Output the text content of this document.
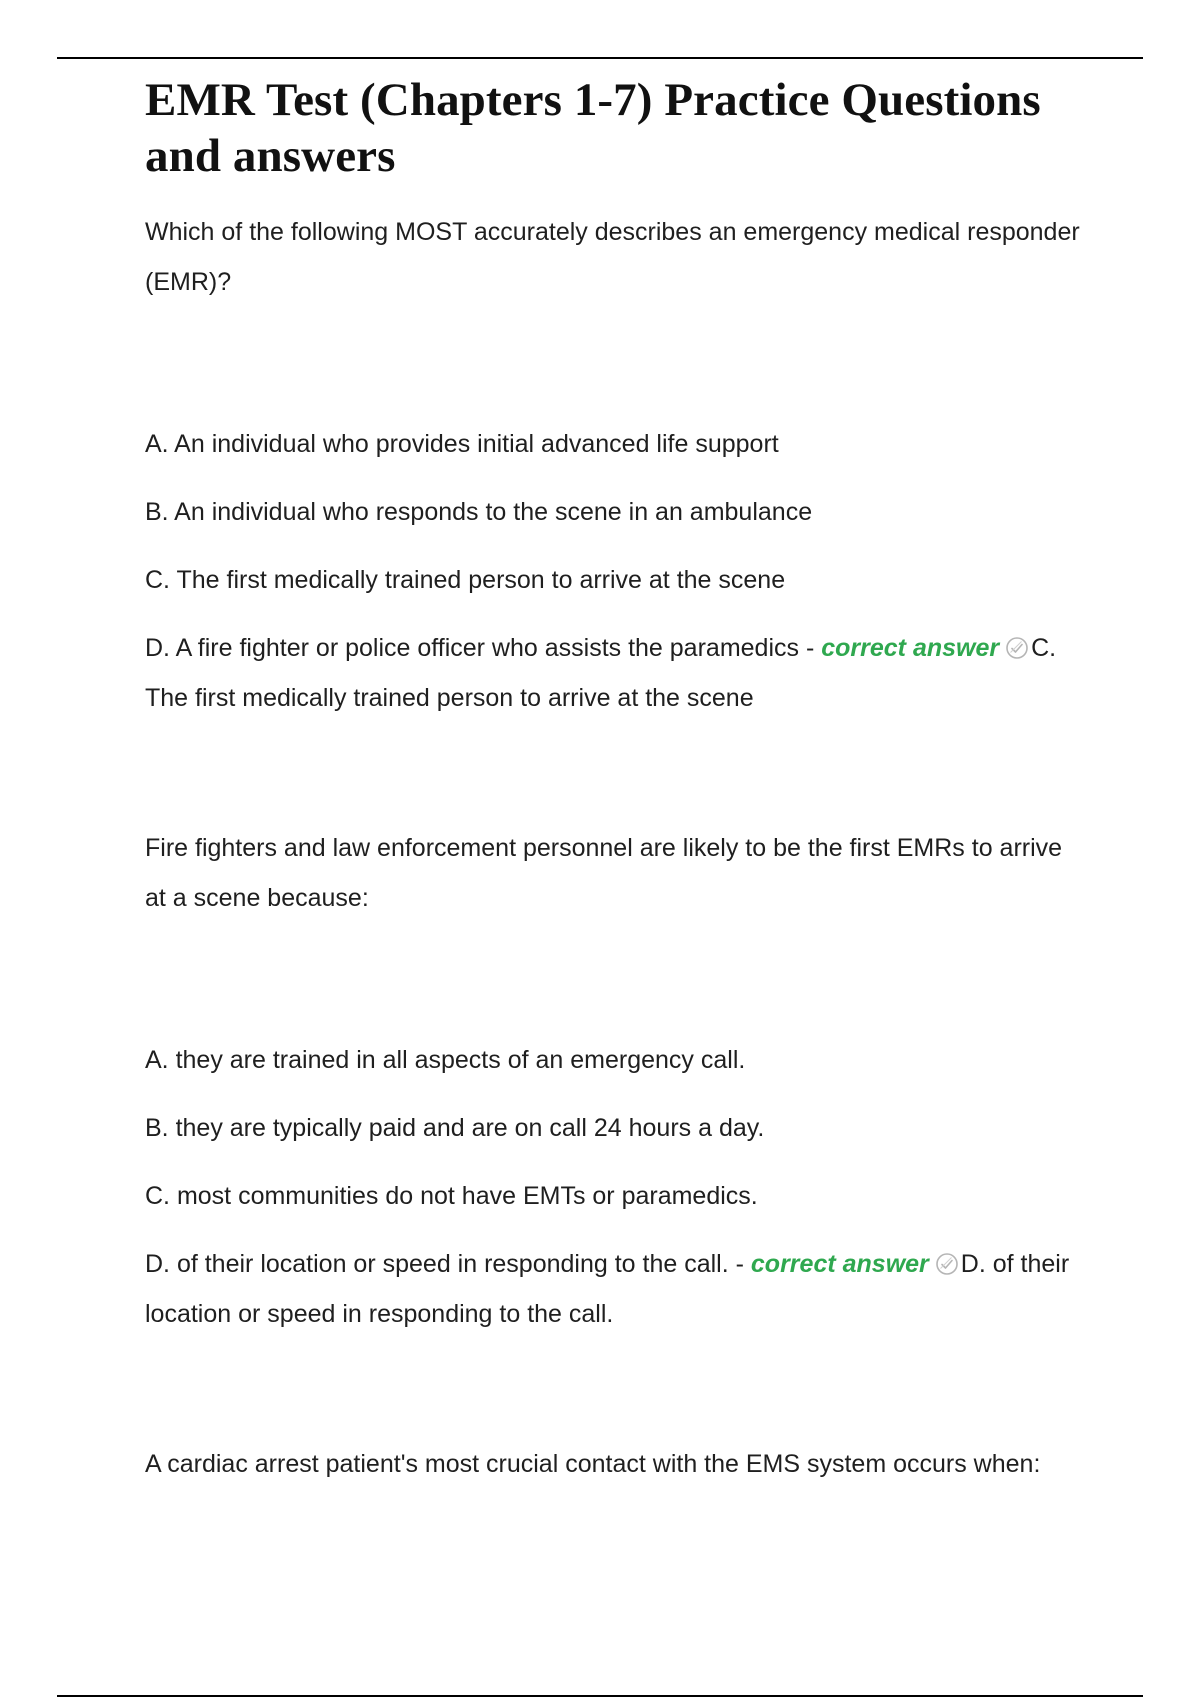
EMR Test (Chapters 1-7) Practice Questions and answers

Which of the following MOST accurately describes an emergency medical responder (EMR)?

A. An individual who provides initial advanced life support

B. An individual who responds to the scene in an ambulance

C. The first medically trained person to arrive at the scene

D. A fire fighter or police officer who assists the paramedics - correct answer C. The first medically trained person to arrive at the scene

Fire fighters and law enforcement personnel are likely to be the first EMRs to arrive at a scene because:

A. they are trained in all aspects of an emergency call.

B. they are typically paid and are on call 24 hours a day.

C. most communities do not have EMTs or paramedics.

D. of their location or speed in responding to the call. - correct answer D. of their location or speed in responding to the call.

A cardiac arrest patient's most crucial contact with the EMS system occurs when:
